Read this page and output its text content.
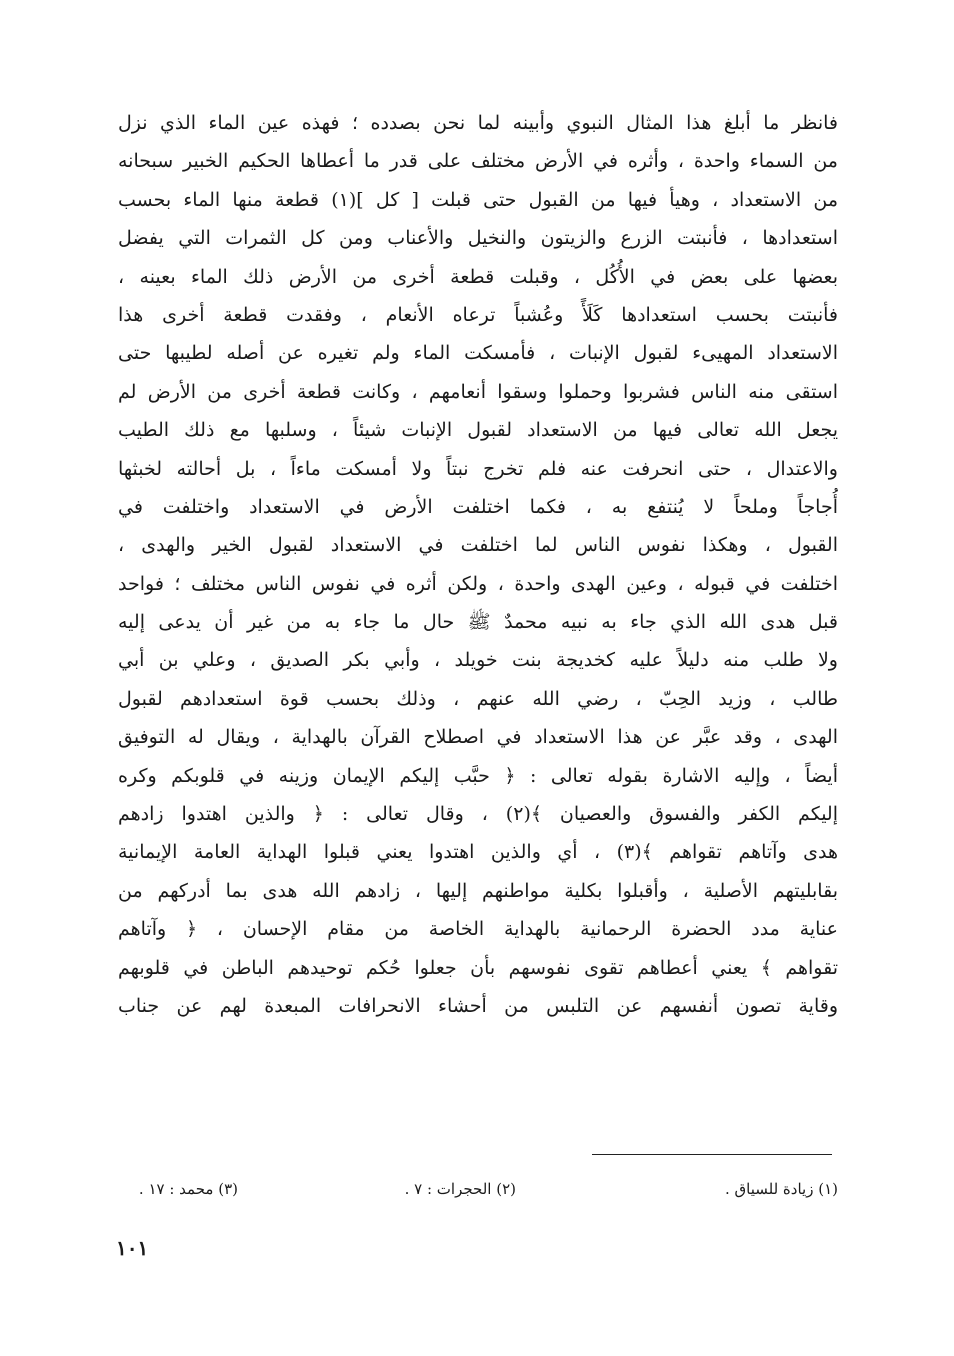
فانظر ما أبلغ هذا المثال النبوي وأبينه لما نحن بصدده ؛ فهذه عين الماء الذي نزل
من السماء واحدة ، وأثره في الأرض مختلف على قدر ما أعطاها الحكيم الخبير سبحانه
من الاستعداد ، وهيأ فيها من القبول حتى قبلت [ كل ](١) قطعة منها الماء بحسب
استعدادها ، فأنبتت الزرع والزيتون والنخيل والأعناب ومن كل الثمرات التي يفضل
بعضها على بعض في الأُكُل ، وقبلت قطعة أخرى من الأرض ذلك الماء بعينه ،
فأنبتت بحسب استعدادها كَلَأً وعُشباً ترعاه الأنعام ، وفقدت قطعة أخرى هذا
الاستعداد المهيىء لقبول الإنبات ، فأمسكت الماء ولم تغيره عن أصله لطيبها حتى
استقى منه الناس فشربوا وحملوا وسقوا أنعامهم ، وكانت قطعة أخرى من الأرض لم
يجعل الله تعالى فيها من الاستعداد لقبول الإنبات شيئاً ، وسلبها مع ذلك الطيب
والاعتدال ، حتى انحرفت عنه فلم تخرج نبتاً ولا أمسكت ماءاً ، بل أحالته لخبثها
أُجاجاً وملحاً لا يُنتفع به ، فكما اختلفت الأرض في الاستعداد واختلفت في
القبول ، وهكذا نفوس الناس لما اختلفت في الاستعداد لقبول الخير والهدى ،
اختلفت في قبوله ، وعين الهدى واحدة ، ولكن أثره في نفوس الناس مختلف ؛ فواحد
قبل هدى الله الذي جاء به نبيه محمدٌ ﷺ حال ما جاء به من غير أن يدعى إليه
ولا طلب منه دليلاً عليه كخديجة بنت خويلد ، وأبي بكر الصديق ، وعلي بن أبي
طالب ، وزيد الحِبّ ، رضي الله عنهم ، وذلك بحسب قوة استعدادهم لقبول
الهدى ، وقد عبَّر عن هذا الاستعداد في اصطلاح القرآن بالهداية ، ويقال له التوفيق
أيضاً ، وإليه الاشارة بقوله تعالى : ﴿ حبَّب إليكم الإيمان وزينه في قلوبكم وكره
إليكم الكفر والفسوق والعصيان ﴾(٢) ، وقال تعالى : ﴿ والذين اهتدوا زادهم
هدى وآتاهم تقواهم ﴾(٣) ، أي والذين اهتدوا يعني قبلوا الهداية العامة الإيمانية
بقابليتهم الأصلية ، وأقبلوا بكلية مواطنهم إليها ، زادهم الله هدى بما أدركهم من
عناية مدد الحضرة الرحمانية بالهداية الخاصة من مقام الإحسان ، ﴿ وآتاهم
تقواهم ﴾ يعني أعطاهم تقوى نفوسهم بأن جعلوا حُكم توحيدهم الباطن في قلوبهم
وقاية تصون أنفسهم عن التلبس من أحشاء الانحرافات المبعدة لهم عن جناب
(١) زيادة للسياق .
(٢) الحجرات : ٧ .
(٣) محمد : ١٧ .
١٠١
